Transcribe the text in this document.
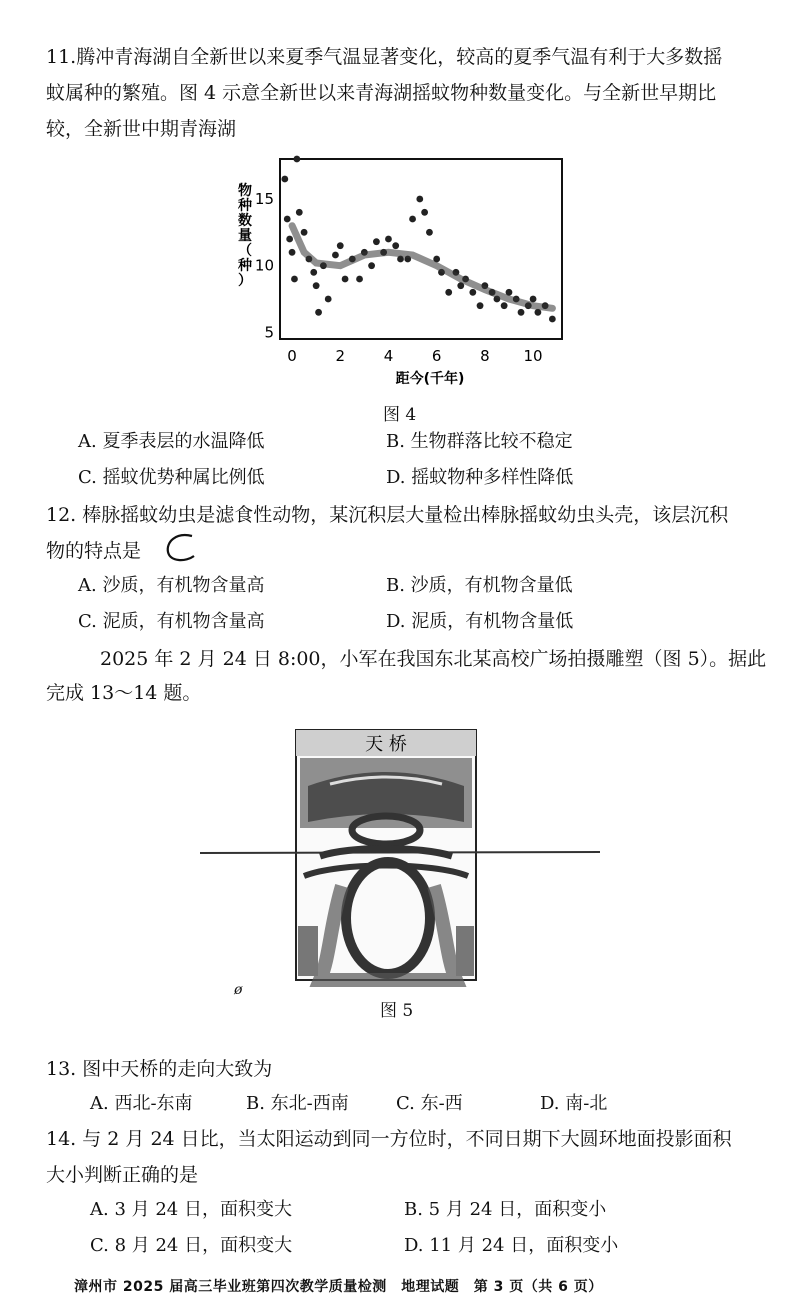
11.腾冲青海湖自全新世以来夏季气温显著变化，较高的夏季气温有利于大多数摇
蚊属种的繁殖。图 4 示意全新世以来青海湖摇蚊物种数量变化。与全新世早期比
较，全新世中期青海湖
物
种
数
量
（
种
）
5
10
15
0	2	4	6	8 10
距今(千年)
图 4
A. 夏季表层的水温降低	B. 生物群落比较不稳定
C. 摇蚊优势种属比例低	D. 摇蚊物种多样性降低
12. 棒脉摇蚊幼虫是滤食性动物，某沉积层大量检出棒脉摇蚊幼虫头壳，该层沉积
物的特点是
A. 沙质，有机物含量高	B. 沙质，有机物含量低
C. 泥质，有机物含量高	D. 泥质，有机物含量低
2025 年 2 月 24 日 8:00，小军在我国东北某高校广场拍摄雕塑（图 5）。据此
完成 13～14 题。
天 桥
图 5
ø
13. 图中天桥的走向大致为
A. 西北-东南	B. 东北-西南	C. 东-西	D. 南-北
14. 与 2 月 24 日比，当太阳运动到同一方位时，不同日期下大圆环地面投影面积
大小判断正确的是
A. 3 月 24 日，面积变大	B. 5 月 24 日，面积变小
C. 8 月 24 日，面积变大	D. 11 月 24 日，面积变小
漳州市 2025 届高三毕业班第四次教学质量检测　地理试题　第 3 页（共 6 页）
